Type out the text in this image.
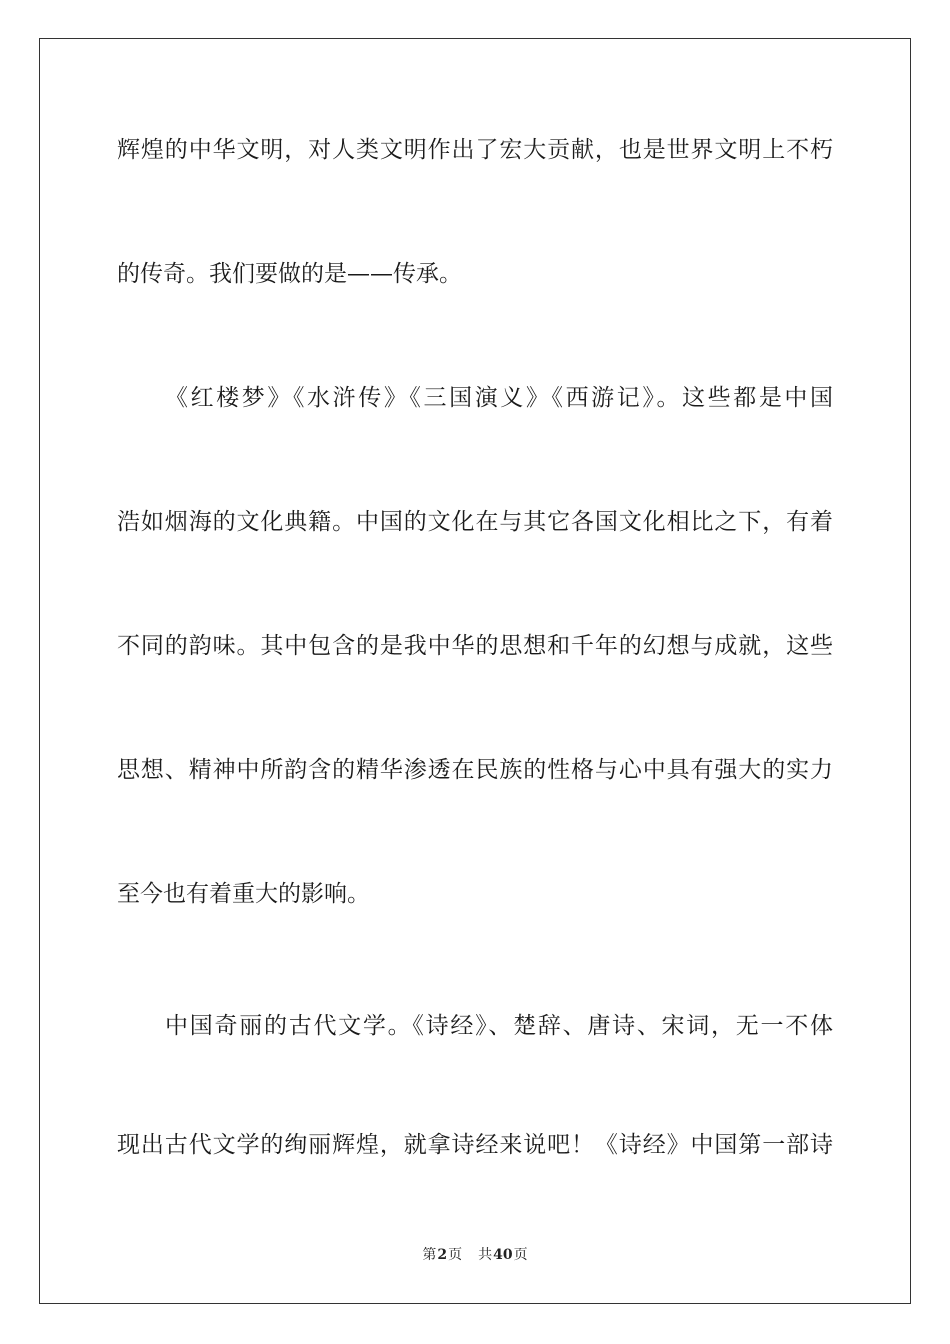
辉煌的中华文明，对人类文明作出了宏大贡献，也是世界文明上不朽
的传奇。我们要做的是——传承。
《红楼梦》《水浒传》《三国演义》《西游记》。这些都是中国
浩如烟海的文化典籍。中国的文化在与其它各国文化相比之下，有着
不同的韵味。其中包含的是我中华的思想和千年的幻想与成就，这些
思想、精神中所韵含的精华渗透在民族的性格与心中具有强大的实力
至今也有着重大的影响。
中国奇丽的古代文学。《诗经》、楚辞、唐诗、宋词，无一不体
现出古代文学的绚丽辉煌，就拿诗经来说吧！《诗经》中国第一部诗
第2页 共40页
